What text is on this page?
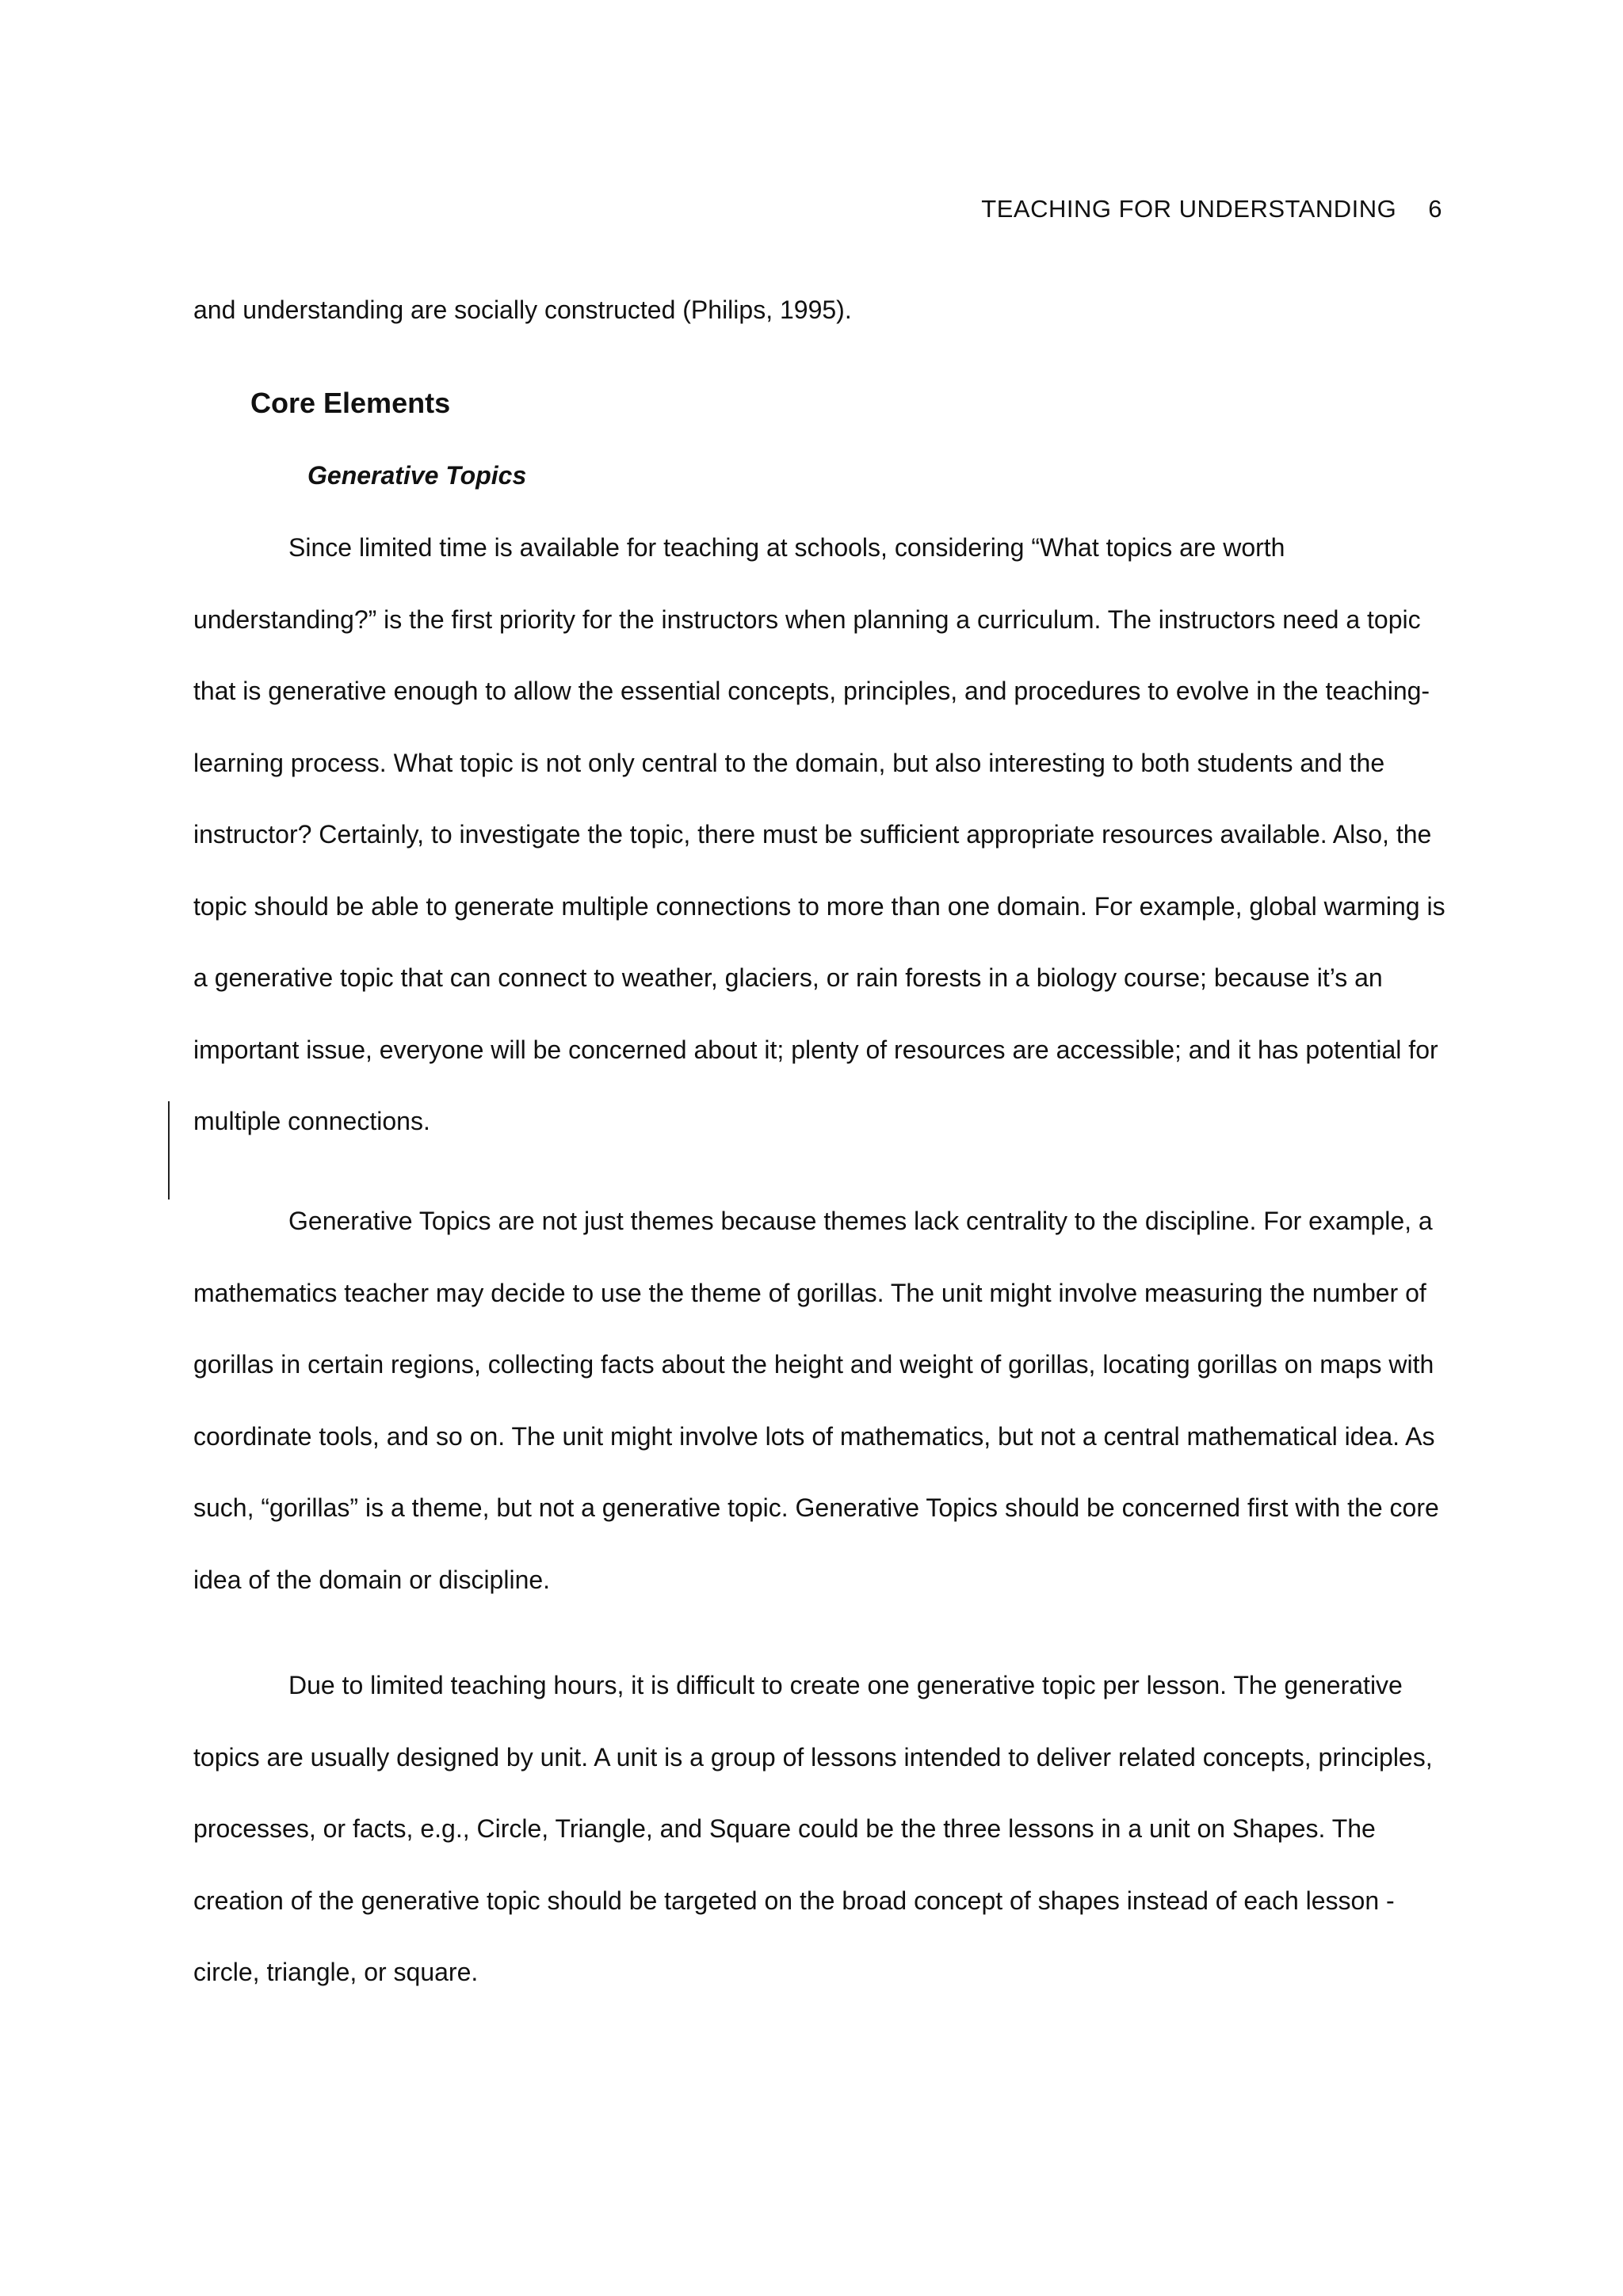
TEACHING FOR UNDERSTANDING 6

and understanding are socially constructed (Philips, 1995).

Core Elements
Generative Topics

Since limited time is available for teaching at schools, considering “What topics are worth understanding?” is the first priority for the instructors when planning a curriculum. The instructors need a topic that is generative enough to allow the essential concepts, principles, and procedures to evolve in the teaching-learning process. What topic is not only central to the domain, but also interesting to both students and the instructor? Certainly, to investigate the topic, there must be sufficient appropriate resources available. Also, the topic should be able to generate multiple connections to more than one domain. For example, global warming is a generative topic that can connect to weather, glaciers, or rain forests in a biology course; because it’s an important issue, everyone will be concerned about it; plenty of resources are accessible; and it has potential for multiple connections.

Generative Topics are not just themes because themes lack centrality to the discipline. For example, a mathematics teacher may decide to use the theme of gorillas. The unit might involve measuring the number of gorillas in certain regions, collecting facts about the height and weight of gorillas, locating gorillas on maps with coordinate tools, and so on. The unit might involve lots of mathematics, but not a central mathematical idea. As such, “gorillas” is a theme, but not a generative topic. Generative Topics should be concerned first with the core idea of the domain or discipline.

Due to limited teaching hours, it is difficult to create one generative topic per lesson. The generative topics are usually designed by unit. A unit is a group of lessons intended to deliver related concepts, principles, processes, or facts, e.g., Circle, Triangle, and Square could be the three lessons in a unit on Shapes. The creation of the generative topic should be targeted on the broad concept of shapes instead of each lesson - circle, triangle, or square.
